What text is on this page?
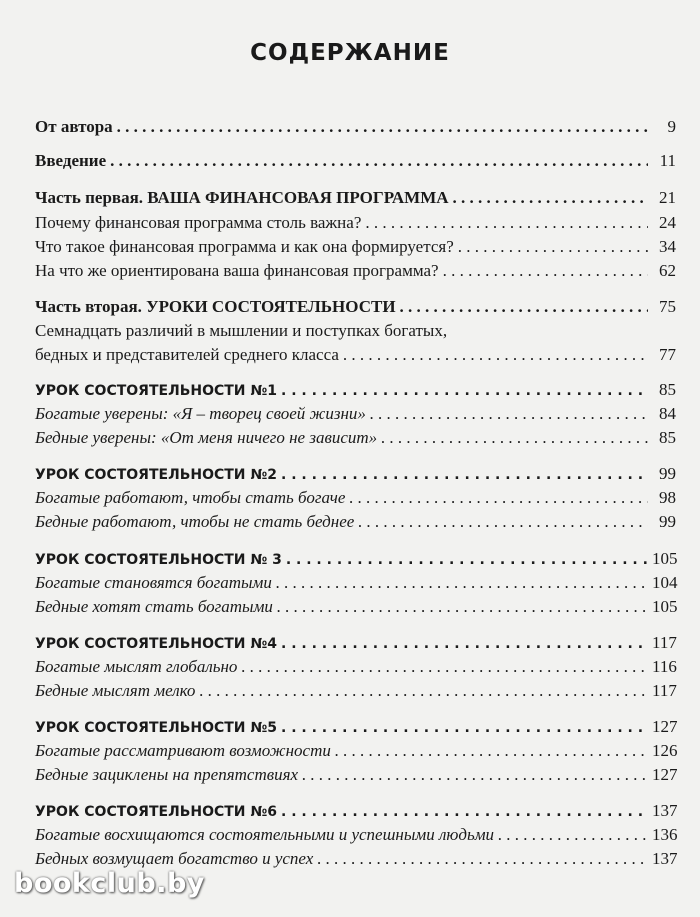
СОДЕРЖАНИЕ
От автора . . .	9
Введение . . .	11
Часть первая. ВАША ФИНАНСОВАЯ ПРОГРАММА . . .	21
Почему финансовая программа столь важна? . . .	24
Что такое финансовая программа и как она формируется? . . .	34
На что же ориентирована ваша финансовая программа? . . .	62
Часть вторая. УРОКИ СОСТОЯТЕЛЬНОСТИ . . .	75
Семнадцать различий в мышлении и поступках богатых,
бедных и представителей среднего класса . . .	77
УРОК СОСТОЯТЕЛЬНОСТИ №1 . . .	85
Богатые уверены: «Я – творец своей жизни» . . .	84
Бедные уверены: «От меня ничего не зависит» . . .	85
УРОК СОСТОЯТЕЛЬНОСТИ №2 . . .	99
Богатые работают, чтобы стать богаче . . .	98
Бедные работают, чтобы не стать беднее . . .	99
УРОК СОСТОЯТЕЛЬНОСТИ № 3 . . .	105
Богатые становятся богатыми . . .	104
Бедные хотят стать богатыми . . .	105
УРОК СОСТОЯТЕЛЬНОСТИ №4 . . .	117
Богатые мыслят глобально . . .	116
Бедные мыслят мелко . . .	117
УРОК СОСТОЯТЕЛЬНОСТИ №5 . . .	127
Богатые рассматривают возможности . . .	126
Бедные зациклены на препятствиях . . .	127
УРОК СОСТОЯТЕЛЬНОСТИ №6 . . .	137
Богатые восхищаются состоятельными и успешными людьми . . .	136
Бедных возмущает богатство и успех . . .	137
bookclub.by
